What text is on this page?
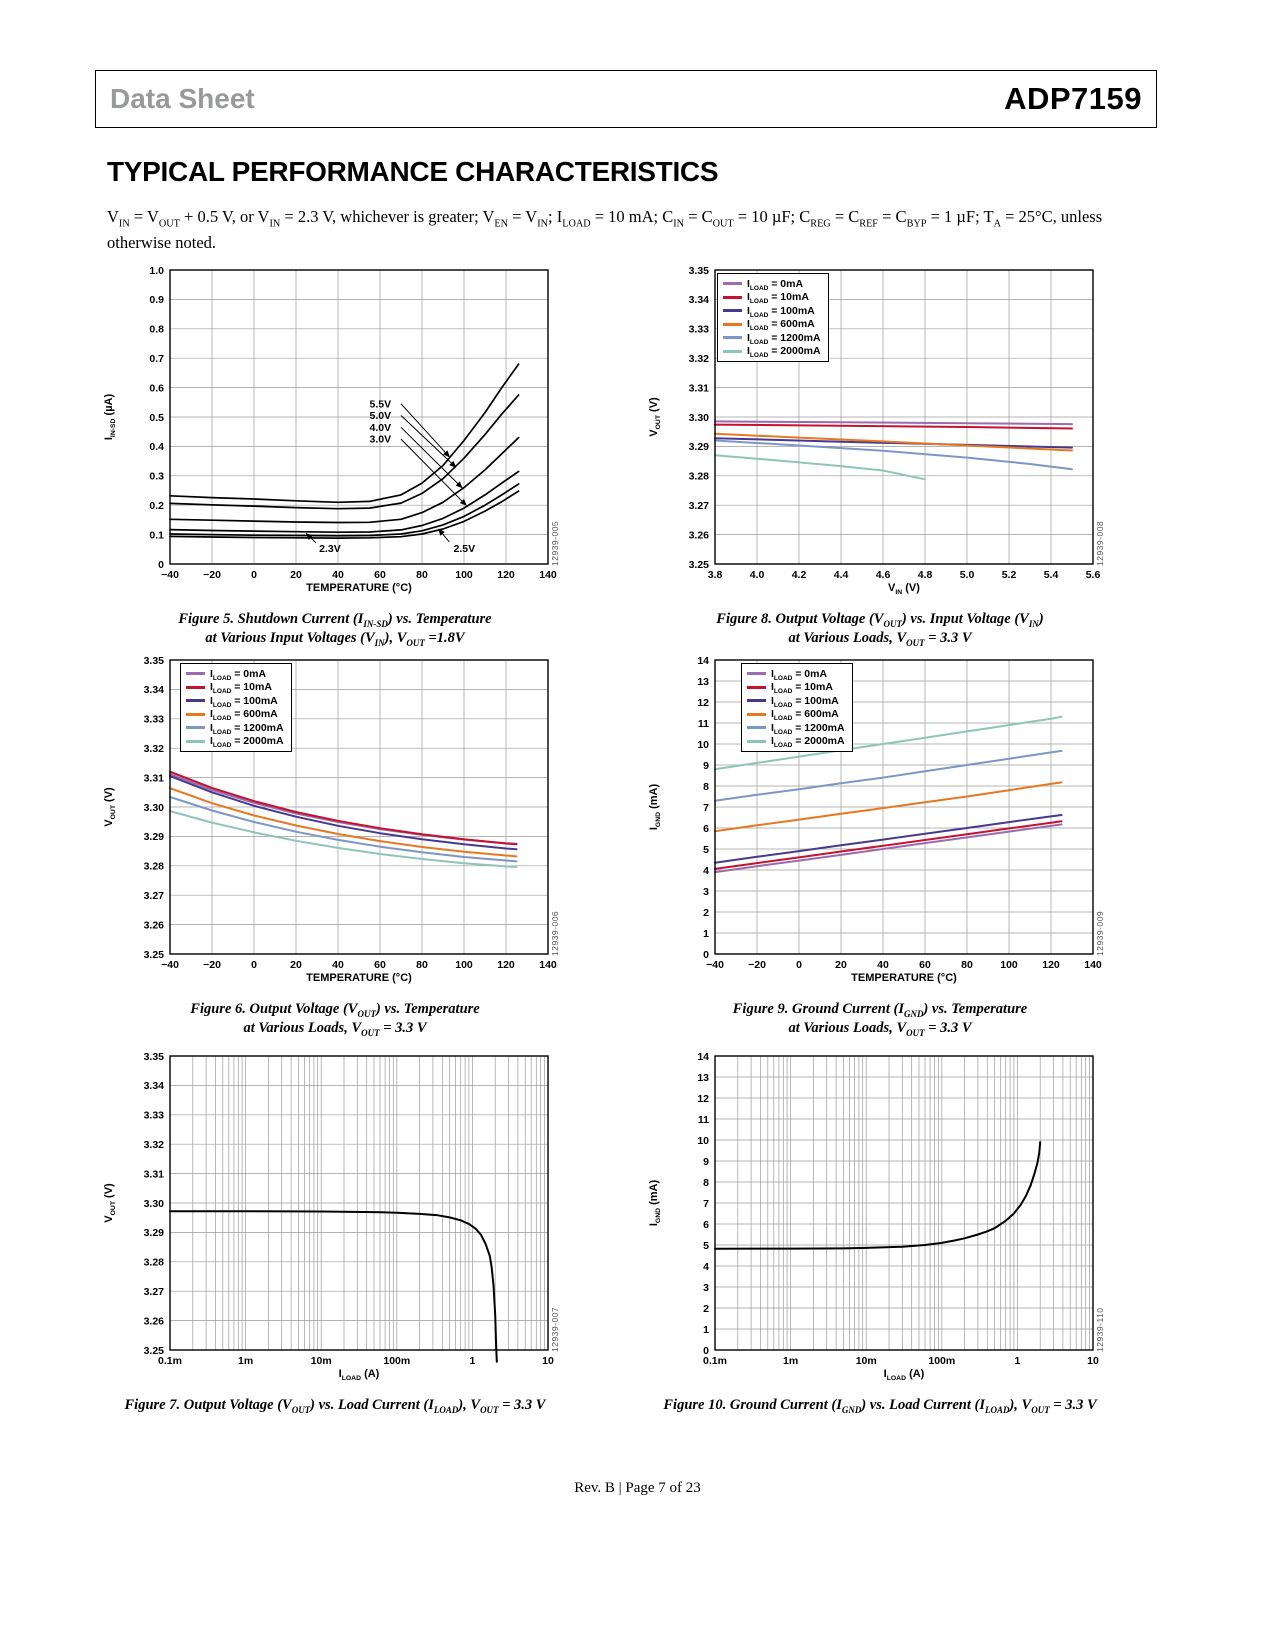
Data Sheet	ADP7159
TYPICAL PERFORMANCE CHARACTERISTICS

$V_{IN} = V_{OUT} + 0.5$ V, or $V_{IN} = 2.3$ V, whichever is greater; $V_{EN} = V_{IN}$; $I_{LOAD} = 10$ mA; $C_{IN} = C_{OUT} = 10$ µF; $C_{REG} = C_{REF} = C_{BYP} = 1$ µF; $T_A = 25^\circ C$, unless otherwise noted.

$I_{IN-SD}$ (µA)	5.5V
5.0V
4.0V
3.0V
2.3V	2.5V
−40 −20	0	20	40	60	80	100 120 140
0
0.1
0.2
0.3
0.4
0.5
0.6
0.7
0.8
0.9
1.0
12939-005
TEMPERATURE (°C)
Figure 5. Shutdown Current $(I_{IN-SD})$ vs. Temperature
at Various Input Voltages $(V_{IN})$, $V_{OUT} =1.8V$
$V_{OUT}$ (V)
3.8	4.0	4.2	4.4	4.6	4.8	5.0	5.2	5.4	5.6
3.25
3.26
3.27
3.28
3.29
3.30
3.31
3.32
3.33
3.34
3.35
$I_{LOAD} = 0mA$
$I_{LOAD} = 10mA$
$I_{LOAD} = 100mA$
$I_{LOAD} = 600mA$
$I_{LOAD} = 1200mA$
$I_{LOAD} = 2000mA$
12939-008
$V_{IN}$ (V)
Figure 8. Output Voltage $(V_{OUT})$ vs. Input Voltage $(V_{IN})$
at Various Loads, $V_{OUT} = 3.3$ V
$V_{OUT}$ (V)
−40 −20	0	20	40	60	80	100 120 140
3.25
3.26
3.27
3.28
3.29
3.30
3.31
3.32
3.33
3.34
3.35
$I_{LOAD} = 0mA$
$I_{LOAD} = 10mA$
$I_{LOAD} = 100mA$
$I_{LOAD} = 600mA$
$I_{LOAD} = 1200mA$
$I_{LOAD} = 2000mA$
12939-006
TEMPERATURE (°C)
Figure 6. Output Voltage $(V_{OUT})$ vs. Temperature
at Various Loads, $V_{OUT} = 3.3$ V
$I_{GND}$ (mA)
−40 −20	0	20	40	60	80	100 120 140
0
1
2
3
4
5
6
7
8
9
10
11
12
13
14
$I_{LOAD} = 0mA$
$I_{LOAD} = 10mA$
$I_{LOAD} = 100mA$
$I_{LOAD} = 600mA$
$I_{LOAD} = 1200mA$
$I_{LOAD} = 2000mA$
12939-009
TEMPERATURE (°C)
Figure 9. Ground Current $(I_{GND})$ vs. Temperature
at Various Loads, $V_{OUT} = 3.3$ V
$V_{OUT}$ (V)
0.1m	1m	10m	100m	1	10
3.25
3.26
3.27
3.28
3.29
3.30
3.31
3.32
3.33
3.34
3.35
12939-007
$I_{LOAD}$ (A)
Figure 7. Output Voltage $(V_{OUT})$ vs. Load Current $(I_{LOAD})$, $V_{OUT} = 3.3$ V
$I_{GND}$ (mA)
0.1m	1m	10m	100m	1	10
0
1
2
3
4
5
6
7
8
9
10
11
12
13
14
12939-110
$I_{LOAD}$ (A)
Figure 10. Ground Current $(I_{GND})$ vs. Load Current $(I_{LOAD})$, $V_{OUT} = 3.3$ V
Rev. B | Page 7 of 23
